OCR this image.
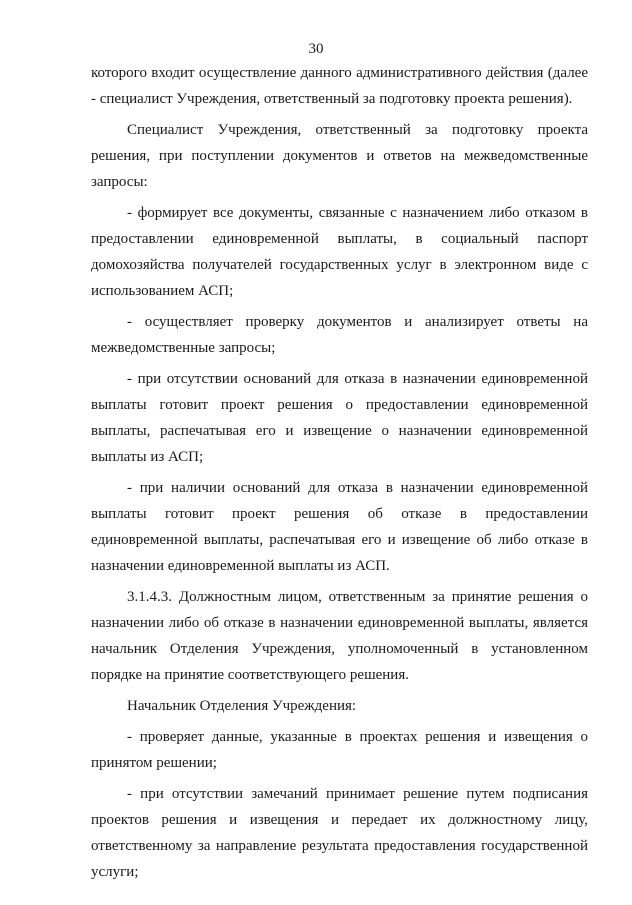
30

которого входит осуществление данного административного действия (далее - специалист Учреждения, ответственный за подготовку проекта решения).

Специалист Учреждения, ответственный за подготовку проекта решения, при поступлении документов и ответов на межведомственные запросы:

- формирует все документы, связанные с назначением либо отказом в предоставлении единовременной выплаты, в социальный паспорт домохозяйства получателей государственных услуг в электронном виде с использованием АСП;

- осуществляет проверку документов и анализирует ответы на межведомственные запросы;

- при отсутствии оснований для отказа в назначении единовременной выплаты готовит проект решения о предоставлении единовременной выплаты, распечатывая его и извещение о назначении единовременной выплаты из АСП;

- при наличии оснований для отказа в назначении единовременной выплаты готовит проект решения об отказе в предоставлении единовременной выплаты, распечатывая его и извещение об либо отказе в назначении единовременной выплаты из АСП.

3.1.4.3. Должностным лицом, ответственным за принятие решения о назначении либо об отказе в назначении единовременной выплаты, является начальник Отделения Учреждения, уполномоченный в установленном порядке на принятие соответствующего решения.

Начальник Отделения Учреждения:

- проверяет данные, указанные в проектах решения и извещения о принятом решении;

- при отсутствии замечаний принимает решение путем подписания проектов решения и извещения и передает их должностному лицу, ответственному за направление результата предоставления государственной услуги;
